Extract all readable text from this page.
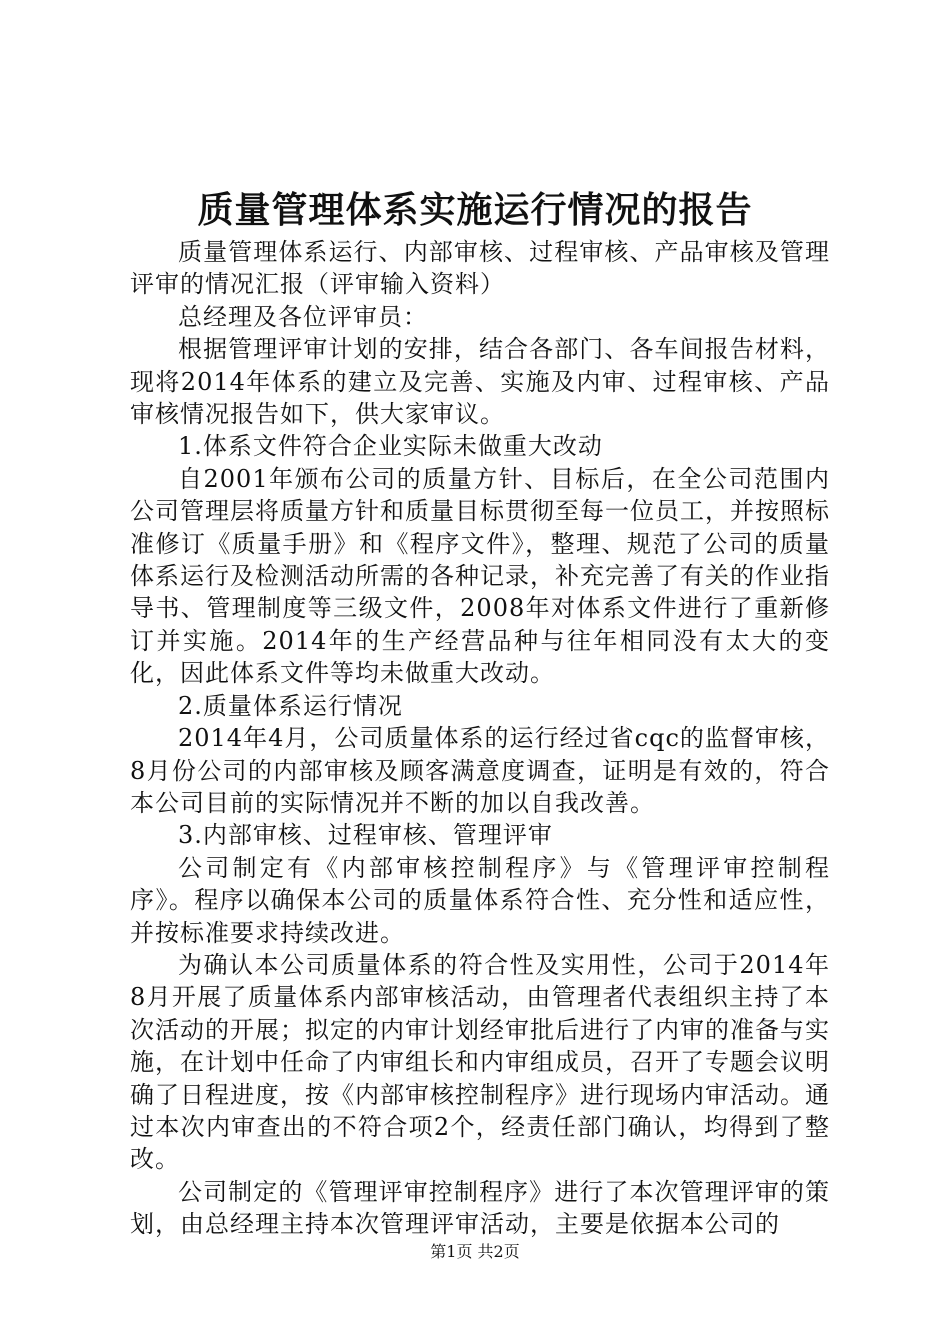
质量管理体系实施运行情况的报告

质量管理体系运行、内部审核、过程审核、产品审核及管理评审的情况汇报（评审输入资料）

总经理及各位评审员：

根据管理评审计划的安排，结合各部门、各车间报告材料，现将2014年体系的建立及完善、实施及内审、过程审核、产品审核情况报告如下，供大家审议。

1.体系文件符合企业实际未做重大改动

自2001年颁布公司的质量方针、目标后，在全公司范围内公司管理层将质量方针和质量目标贯彻至每一位员工，并按照标准修订《质量手册》和《程序文件》，整理、规范了公司的质量体系运行及检测活动所需的各种记录，补充完善了有关的作业指导书、管理制度等三级文件，2008年对体系文件进行了重新修订并实施。2014年的生产经营品种与往年相同没有太大的变化，因此体系文件等均未做重大改动。

2.质量体系运行情况

2014年4月，公司质量体系的运行经过省cqc的监督审核，8月份公司的内部审核及顾客满意度调查，证明是有效的，符合本公司目前的实际情况并不断的加以自我改善。

3.内部审核、过程审核、管理评审

公司制定有《内部审核控制程序》与《管理评审控制程序》。程序以确保本公司的质量体系符合性、充分性和适应性，并按标准要求持续改进。

为确认本公司质量体系的符合性及实用性，公司于2014年8月开展了质量体系内部审核活动，由管理者代表组织主持了本次活动的开展；拟定的内审计划经审批后进行了内审的准备与实施，在计划中任命了内审组长和内审组成员，召开了专题会议明确了日程进度，按《内部审核控制程序》进行现场内审活动。通过本次内审查出的不符合项2个，经责任部门确认，均得到了整改。

公司制定的《管理评审控制程序》进行了本次管理评审的策划，由总经理主持本次管理评审活动，主要是依据本公司的

第1页 共2页
